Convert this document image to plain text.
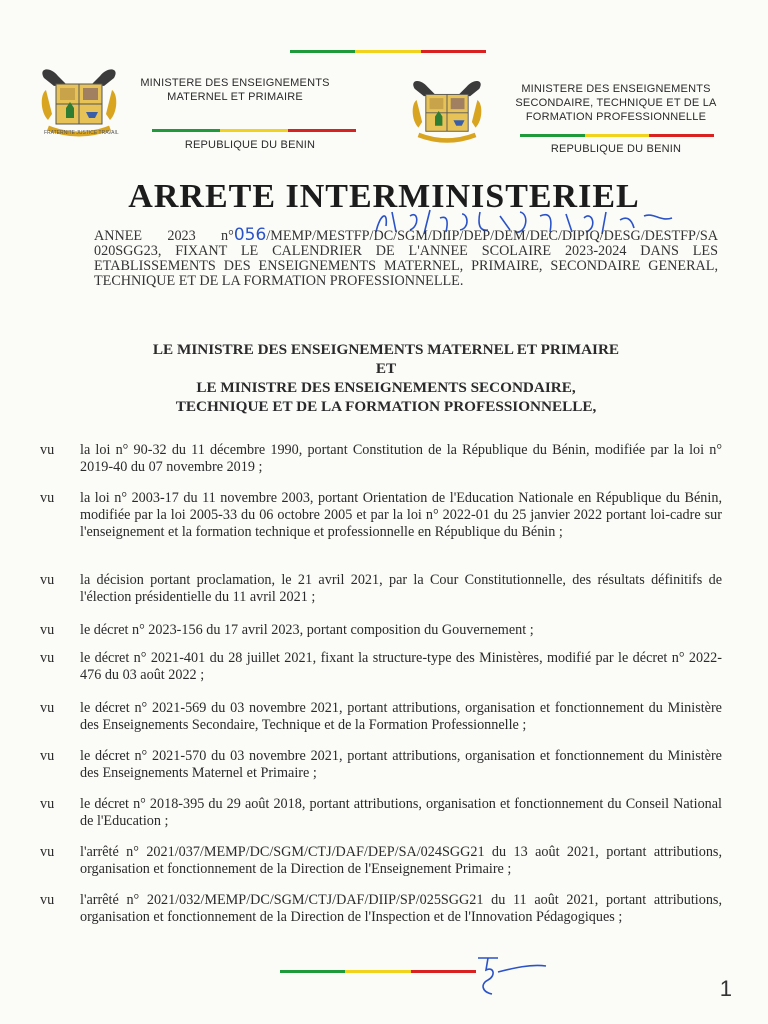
FRATERNITE JUSTICE TRAVAIL
MINISTERE DES ENSEIGNEMENTS MATERNEL ET PRIMAIRE
REPUBLIQUE DU BENIN
MINISTERE DES ENSEIGNEMENTS SECONDAIRE, TECHNIQUE ET DE LA FORMATION PROFESSIONNELLE
REPUBLIQUE DU BENIN
ARRETE INTERMINISTERIEL
ANNEE 2023 n°056/MEMP/MESTFP/DC/SGM/DIIP/DEP/DEM/DEC/DIPIQ/DESG/DESTFP/SA 020SGG23, FIXANT LE CALENDRIER DE L'ANNEE SCOLAIRE 2023-2024 DANS LES ETABLISSEMENTS DES ENSEIGNEMENTS MATERNEL, PRIMAIRE, SECONDAIRE GENERAL, TECHNIQUE ET DE LA FORMATION PROFESSIONNELLE.
LE MINISTRE DES ENSEIGNEMENTS MATERNEL ET PRIMAIRE
ET
LE MINISTRE DES ENSEIGNEMENTS SECONDAIRE,
TECHNIQUE ET DE LA FORMATION PROFESSIONNELLE,
vu la loi n° 90-32 du 11 décembre 1990, portant Constitution de la République du Bénin, modifiée par la loi n° 2019-40 du 07 novembre 2019 ;
vu la loi n° 2003-17 du 11 novembre 2003, portant Orientation de l'Education Nationale en République du Bénin, modifiée par la loi 2005-33 du 06 octobre 2005 et par la loi n° 2022-01 du 25 janvier 2022 portant loi-cadre sur l'enseignement et la formation technique et professionnelle en République du Bénin ;
vu la décision portant proclamation, le 21 avril 2021, par la Cour Constitutionnelle, des résultats définitifs de l'élection présidentielle du 11 avril 2021 ;
vu le décret n° 2023-156 du 17 avril 2023, portant composition du Gouvernement ;
vu le décret n° 2021-401 du 28 juillet 2021, fixant la structure-type des Ministères, modifié par le décret n° 2022-476 du 03 août 2022 ;
vu le décret n° 2021-569 du 03 novembre 2021, portant attributions, organisation et fonctionnement du Ministère des Enseignements Secondaire, Technique et de la Formation Professionnelle ;
vu le décret n° 2021-570 du 03 novembre 2021, portant attributions, organisation et fonctionnement du Ministère des Enseignements Maternel et Primaire ;
vu le décret n° 2018-395 du 29 août 2018, portant attributions, organisation et fonctionnement du Conseil National de l'Education ;
vu l'arrêté n° 2021/037/MEMP/DC/SGM/CTJ/DAF/DEP/SA/024SGG21 du 13 août 2021, portant attributions, organisation et fonctionnement de la Direction de l'Enseignement Primaire ;
vu l'arrêté n° 2021/032/MEMP/DC/SGM/CTJ/DAF/DIIP/SP/025SGG21 du 11 août 2021, portant attributions, organisation et fonctionnement de la Direction de l'Inspection et de l'Innovation Pédagogiques ;
1
